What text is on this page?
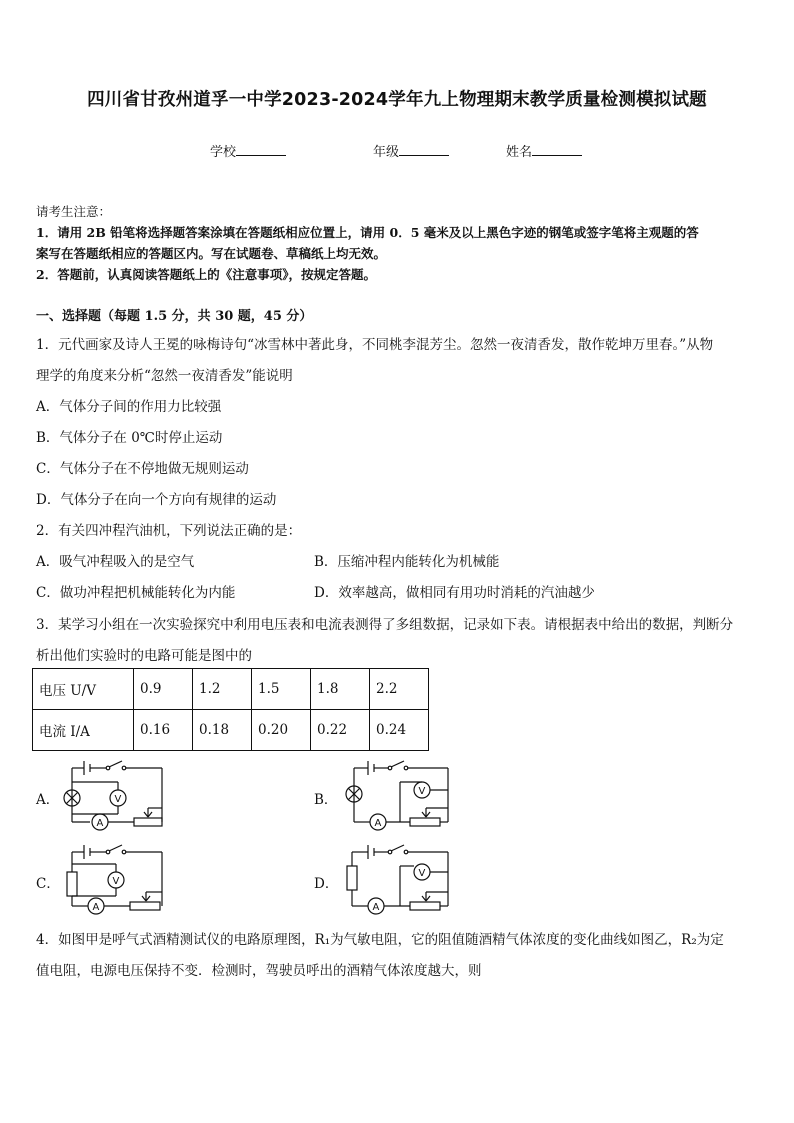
四川省甘孜州道孚一中学2023-2024学年九上物理期末教学质量检测模拟试题
学校	年级	姓名
请考生注意：
1．请用 2B 铅笔将选择题答案涂填在答题纸相应位置上，请用 0．5 毫米及以上黑色字迹的钢笔或签字笔将主观题的答
案写在答题纸相应的答题区内。写在试题卷、草稿纸上均无效。
2．答题前，认真阅读答题纸上的《注意事项》，按规定答题。
一、选择题（每题 1.5 分，共 30 题，45 分）
1．元代画家及诗人王冕的咏梅诗句“冰雪林中著此身，不同桃李混芳尘。忽然一夜清香发，散作乾坤万里春。”从物
理学的角度来分析“忽然一夜清香发”能说明
A．气体分子间的作用力比较强
B．气体分子在 0℃时停止运动
C．气体分子在不停地做无规则运动
D．气体分子在向一个方向有规律的运动
2．有关四冲程汽油机，下列说法正确的是：
A．吸气冲程吸入的是空气	B．压缩冲程内能转化为机械能
C．做功冲程把机械能转化为内能	D．效率越高，做相同有用功时消耗的汽油越少
3．某学习小组在一次实验探究中利用电压表和电流表测得了多组数据，记录如下表。请根据表中给出的数据，判断分
析出他们实验时的电路可能是图中的
电压 U/V	0.9	1.2	1.5	1.8	2.2
电流 I/A	0.16	0.18	0.20	0.22	0.24
A．	B．
C．	D．
V
A
V
A
V
A
V
A
4．如图甲是呼气式酒精测试仪的电路原理图，R₁为气敏电阻，它的阻值随酒精气体浓度的变化曲线如图乙，R₂为定
值电阻，电源电压保持不变．检测时，驾驶员呼出的酒精气体浓度越大，则
